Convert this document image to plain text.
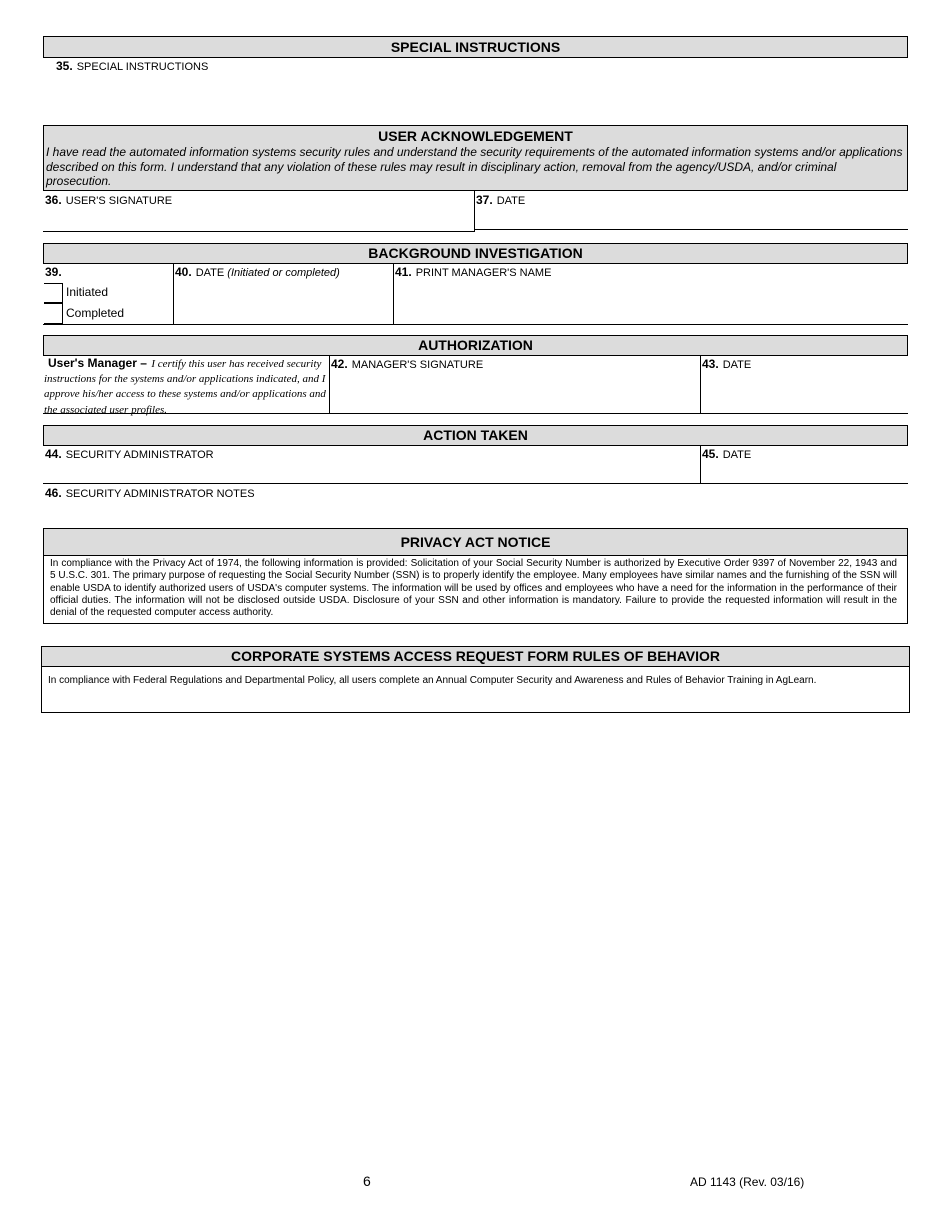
SPECIAL INSTRUCTIONS
35. SPECIAL INSTRUCTIONS
USER ACKNOWLEDGEMENT
I have read the automated information systems security rules and understand the security requirements of the automated information systems and/or applications described on this form. I understand that any violation of these rules may result in disciplinary action, removal from the agency/USDA, and/or criminal prosecution.
36. USER'S SIGNATURE	37. DATE
BACKGROUND INVESTIGATION
39.
Initiated
Completed
40. DATE (Initiated or completed)	41. PRINT MANAGER'S NAME
AUTHORIZATION
User's Manager – I certify this user has received security instructions for the systems and/or applications indicated, and I approve his/her access to these systems and/or applications and the associated user profiles.
42. MANAGER'S SIGNATURE	43. DATE
ACTION TAKEN
44. SECURITY ADMINISTRATOR	45. DATE
46. SECURITY ADMINISTRATOR NOTES
PRIVACY ACT NOTICE
In compliance with the Privacy Act of 1974, the following information is provided: Solicitation of your Social Security Number is authorized by Executive Order 9397 of November 22, 1943 and 5 U.S.C. 301. The primary purpose of requesting the Social Security Number (SSN) is to properly identify the employee. Many employees have similar names and the furnishing of the SSN will enable USDA to identify authorized users of USDA's computer systems. The information will be used by offices and employees who have a need for the information in the performance of their official duties. The information will not be disclosed outside USDA. Disclosure of your SSN and other information is mandatory. Failure to provide the requested information will result in the denial of the requested computer access authority.
CORPORATE SYSTEMS ACCESS REQUEST FORM RULES OF BEHAVIOR
In compliance with Federal Regulations and Departmental Policy, all users complete an Annual Computer Security and Awareness and Rules of Behavior Training in AgLearn.
6	AD 1143 (Rev. 03/16)
